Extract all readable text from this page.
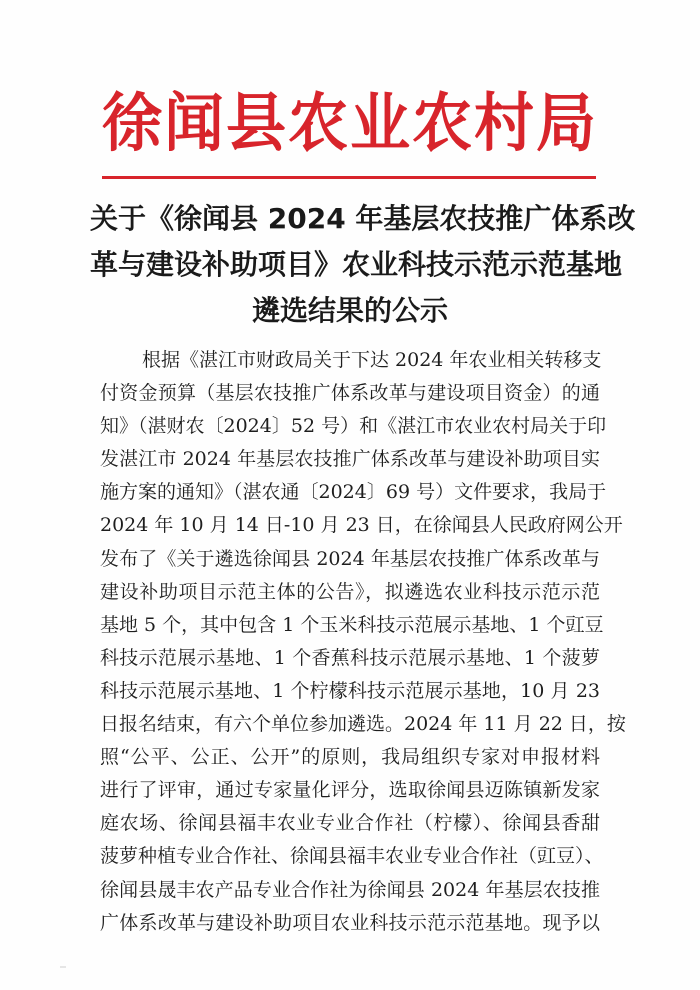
徐闻县农业农村局
关于《徐闻县 2024 年基层农技推广体系改
革与建设补助项目》农业科技示范示范基地
遴选结果的公示
根据《湛江市财政局关于下达 2024 年农业相关转移支
付资金预算（基层农技推广体系改革与建设项目资金）的通
知》（湛财农〔2024〕52 号）和《湛江市农业农村局关于印
发湛江市 2024 年基层农技推广体系改革与建设补助项目实
施方案的通知》（湛农通〔2024〕69 号）文件要求，我局于
2024 年 10 月 14 日-10 月 23 日，在徐闻县人民政府网公开
发布了《关于遴选徐闻县 2024 年基层农技推广体系改革与
建设补助项目示范主体的公告》，拟遴选农业科技示范示范
基地 5 个，其中包含 1 个玉米科技示范展示基地、1 个豇豆
科技示范展示基地、1 个香蕉科技示范展示基地、1 个菠萝
科技示范展示基地、1 个柠檬科技示范展示基地，10 月 23
日报名结束，有六个单位参加遴选。2024 年 11 月 22 日，按
照“公平、公正、公开”的原则，我局组织专家对申报材料
进行了评审，通过专家量化评分，选取徐闻县迈陈镇新发家
庭农场、徐闻县福丰农业专业合作社（柠檬）、徐闻县香甜
菠萝种植专业合作社、徐闻县福丰农业专业合作社（豇豆）、
徐闻县晟丰农产品专业合作社为徐闻县 2024 年基层农技推
广体系改革与建设补助项目农业科技示范示范基地。现予以
